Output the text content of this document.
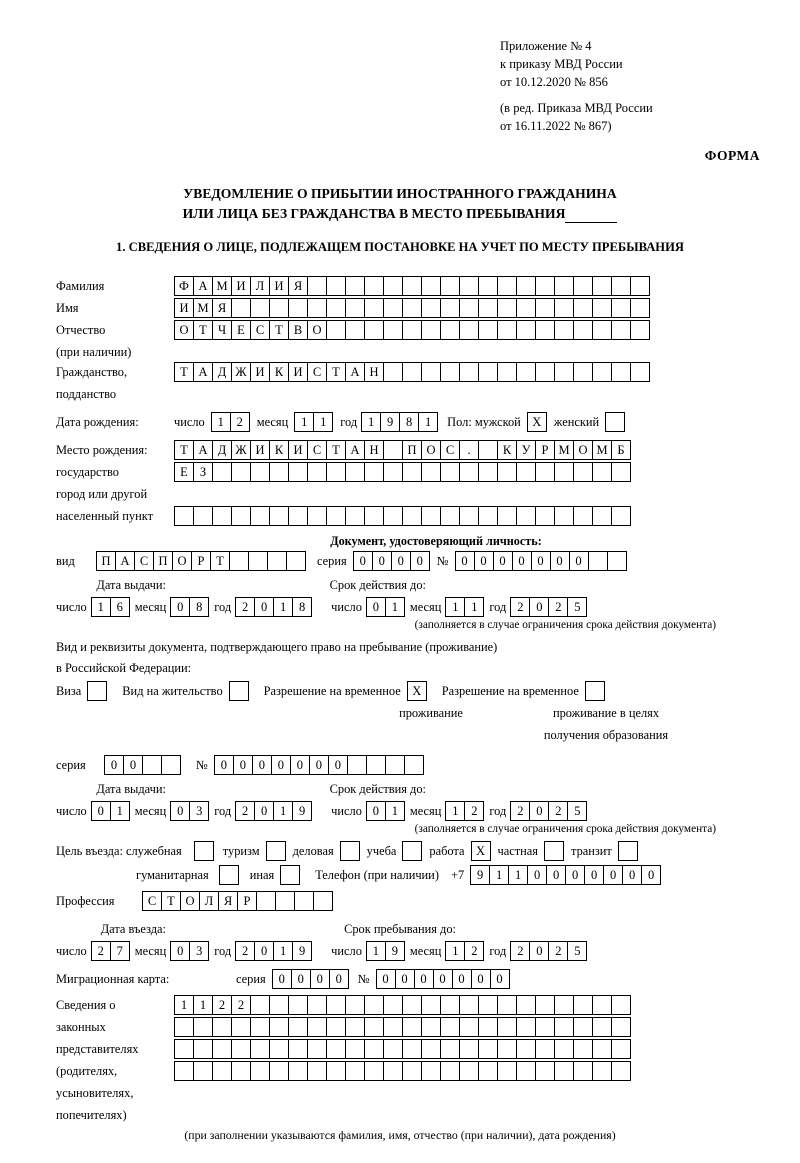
Приложение № 4
к приказу МВД России
от 10.12.2020 № 856
(в ред. Приказа МВД России
от 16.11.2022 № 867)
ФОРМА
УВЕДОМЛЕНИЕ О ПРИБЫТИИ ИНОСТРАННОГО ГРАЖДАНИНА
ИЛИ ЛИЦА БЕЗ ГРАЖДАНСТВА В МЕСТО ПРЕБЫВАНИЯ
1. СВЕДЕНИЯ О ЛИЦЕ, ПОДЛЕЖАЩЕМ ПОСТАНОВКЕ НА УЧЕТ ПО МЕСТУ ПРЕБЫВАНИЯ
Фамилия	Ф А М И Л И Я
Имя	И М Я
Отчество	О Т Ч Е С Т В О
(при наличии)
Гражданство,	Т А Д Ж И К И С Т А Н
подданство
Дата рождения:	число	1	2	месяц	1	1	год 1	9	8	1	Пол: мужской X	женский
Место рождения:	Т А Д Ж И К И С Т А Н	П О С	.	К У Р М О М Б
государство	Е З
город или другой
населенный пункт
Документ, удостоверяющий личность:
вид	П А С П О Р Т	серия	0	0	0	0	№	0	0	0	0	0	0	0
Дата выдачи:	Срок действия до:
число 1	6 месяц 0	8 год 2	0	1	8	число 0	1 месяц 1	1 год 2	0	2	5
(заполняется в случае ограничения срока действия документа)
Вид и реквизиты документа, подтверждающего право на пребывание (проживание)
в Российской Федерации:
Виза	Вид на жительство	Разрешение на временное X	Разрешение на временное
проживание	проживание в целях
получения образования
серия	0	0	№	0	0	0	0	0	0	0
Дата выдачи:	Срок действия до:
число 0	1 месяц 0	3 год 2	0	1	9	число 0	1 месяц 1	2 год 2	0	2	5
(заполняется в случае ограничения срока действия документа)
Цель въезда: служебная	туризм	деловая	учеба	работа X	частная	транзит
гуманитарная	иная	Телефон (при наличии) +7	9	1	1	0	0	0	0	0	0	0
Профессия	С Т О Л Я Р
Дата въезда:	Срок пребывания до:
число 2	7 месяц 0	3 год 2	0	1	9	число 1	9 месяц 1	2 год 2	0	2	5
Миграционная карта:	серия	0	0	0	0	№	0	0	0	0	0	0	0
Сведения о	1	1	2	2
законных
представителях
(родителях,
усыновителях,
попечителях)
(при заполнении указываются фамилия, имя, отчество (при наличии), дата рождения)
